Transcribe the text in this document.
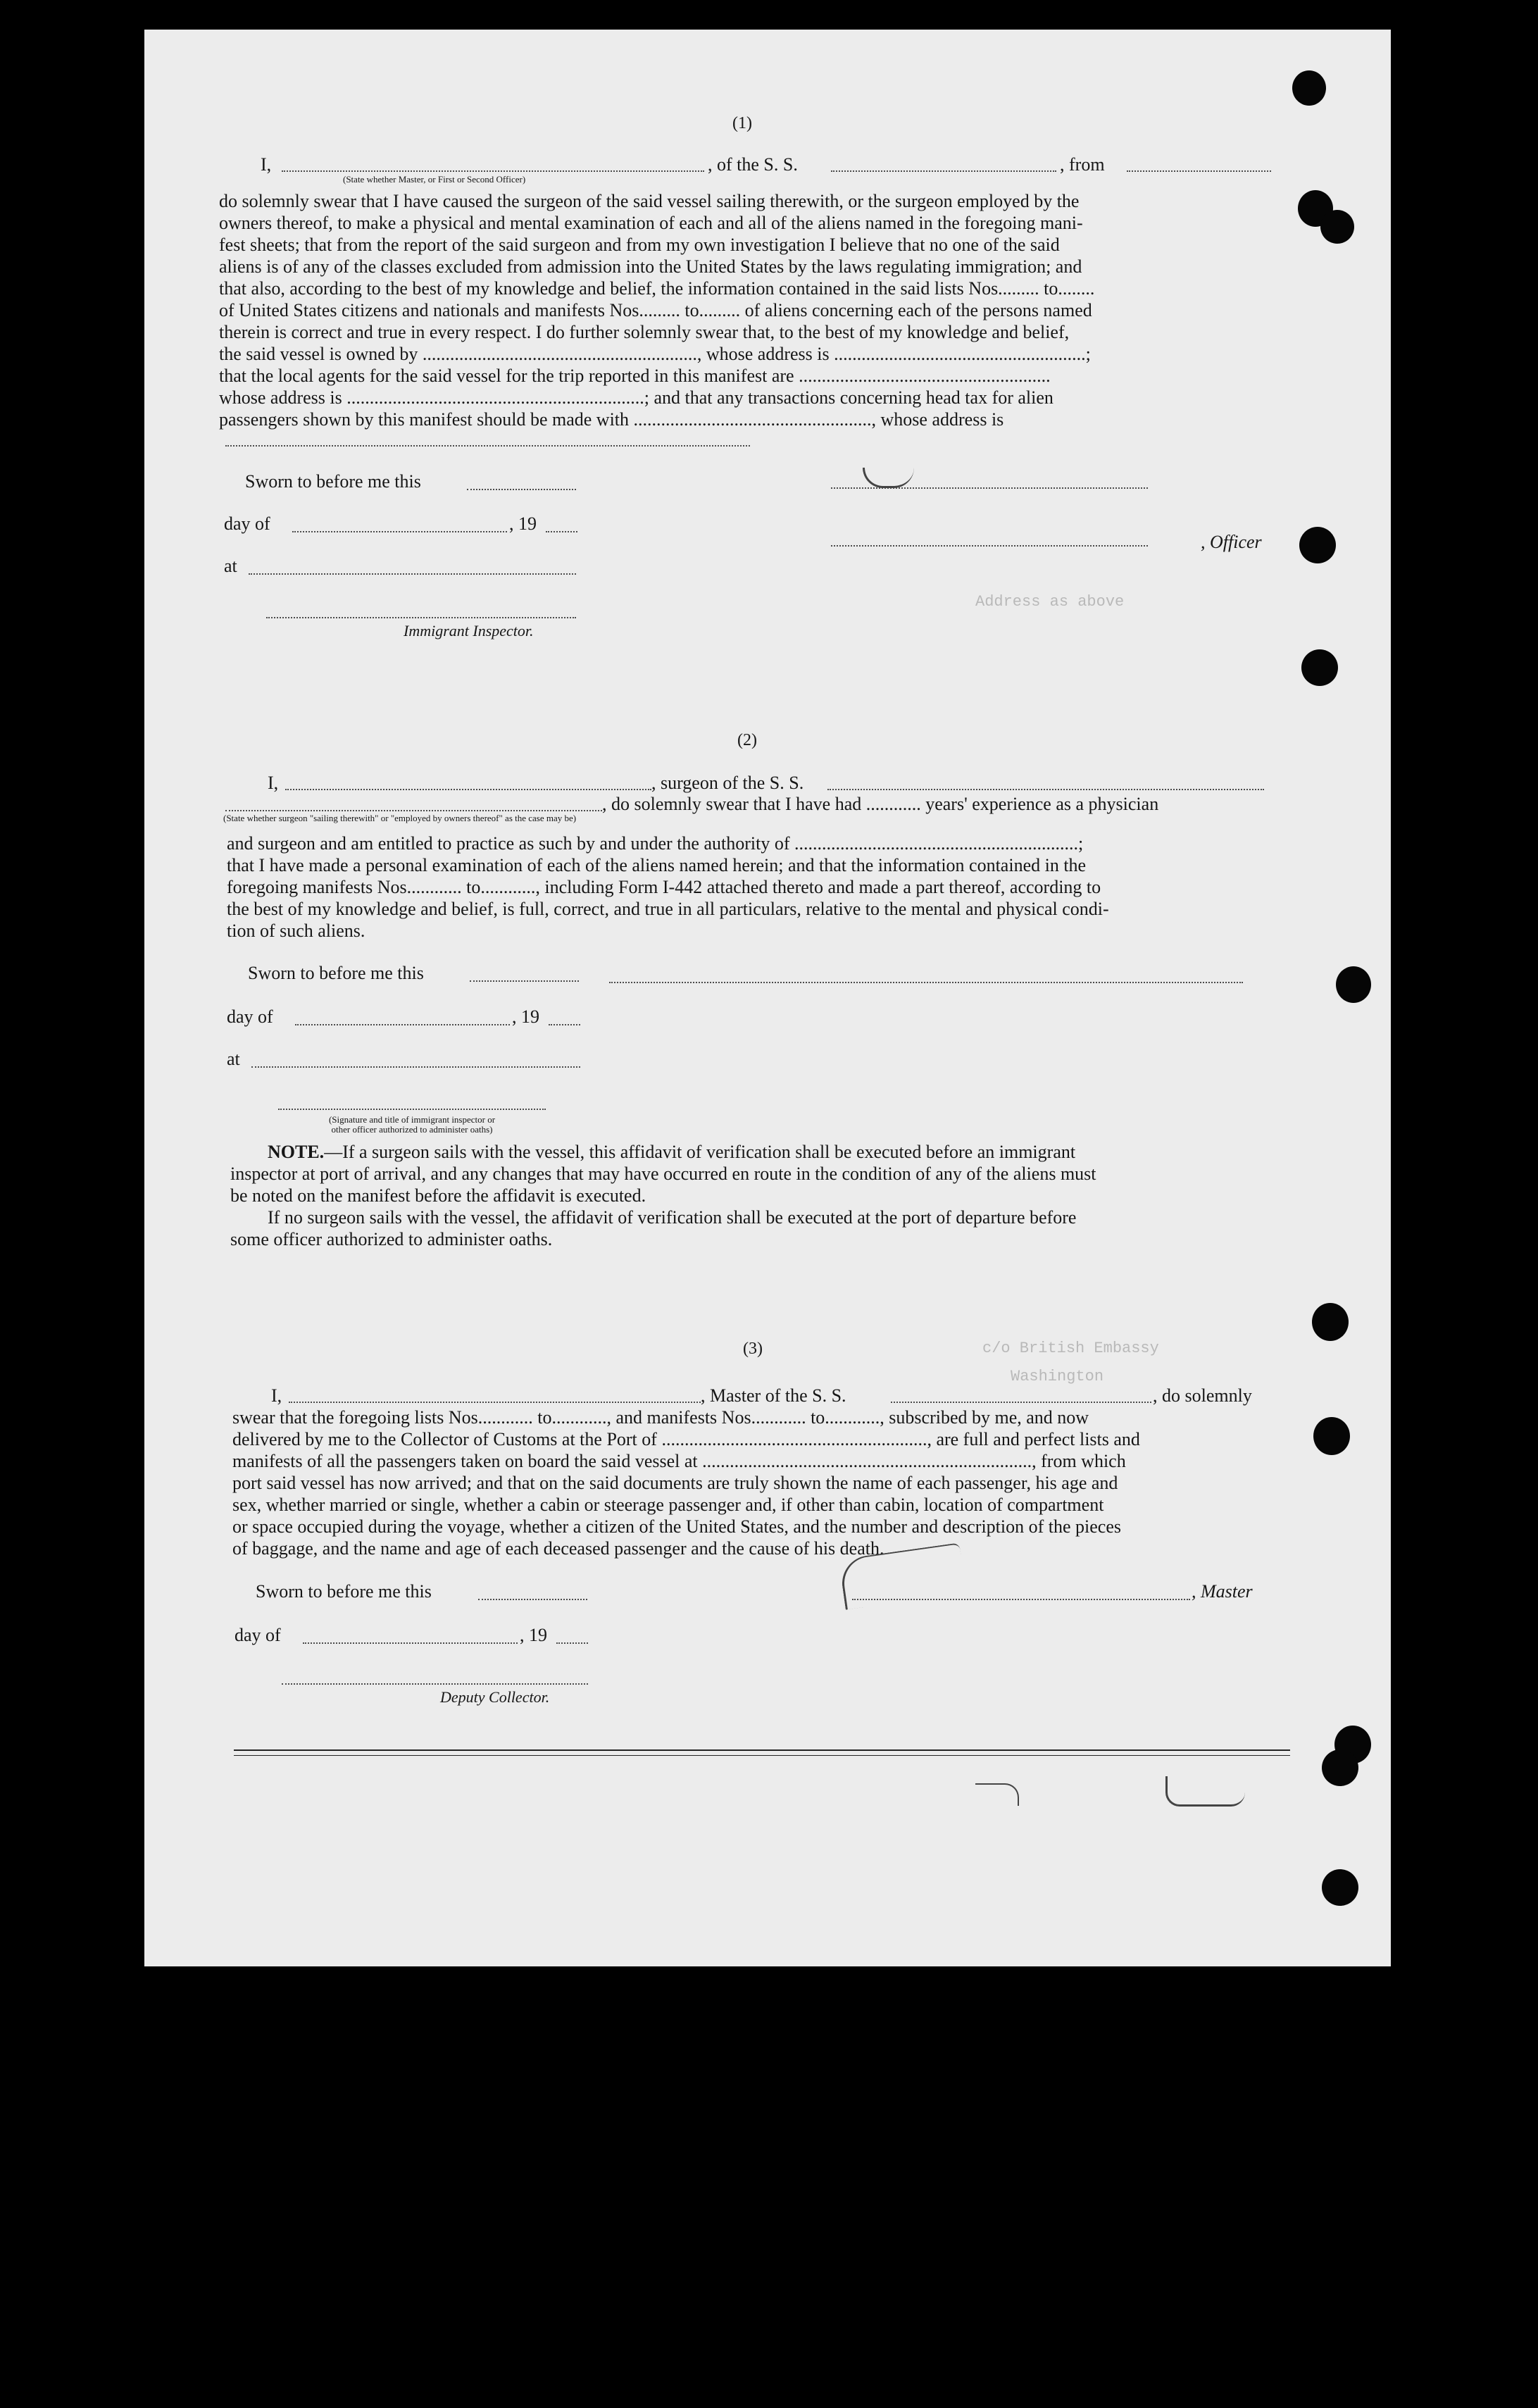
Address as above
c/o British Embassy
Washington
(1)
I,	, of the S. S.	, from
(State whether Master, or First or Second Officer)
do solemnly swear that I have caused the surgeon of the said vessel sailing therewith, or the surgeon employed by the
owners thereof, to make a physical and mental examination of each and all of the aliens named in the foregoing mani-
fest sheets; that from the report of the said surgeon and from my own investigation I believe that no one of the said
aliens is of any of the classes excluded from admission into the United States by the laws regulating immigration; and
that also, according to the best of my knowledge and belief, the information contained in the said lists Nos......... to........
of United States citizens and nationals and manifests Nos......... to......... of aliens concerning each of the persons named
therein is correct and true in every respect. I do further solemnly swear that, to the best of my knowledge and belief,
the said vessel is owned by ............................................................, whose address is .......................................................;
that the local agents for the said vessel for the trip reported in this manifest are .......................................................
whose address is .................................................................; and that any transactions concerning head tax for alien
passengers shown by this manifest should be made with ...................................................., whose address is
Sworn to before me this
day of	, 19
at
Immigrant Inspector.
, Officer
(2)
I,	, surgeon of the S. S.
, do solemnly swear that I have had ............ years' experience as a physician
(State whether surgeon "sailing therewith" or "employed by owners thereof" as the case may be)
and surgeon and am entitled to practice as such by and under the authority of ..............................................................;
that I have made a personal examination of each of the aliens named herein; and that the information contained in the
foregoing manifests Nos............ to............, including Form I-442 attached thereto and made a part thereof, according to
the best of my knowledge and belief, is full, correct, and true in all particulars, relative to the mental and physical condi-
tion of such aliens.
Sworn to before me this
day of	, 19
at
(Signature and title of immigrant inspector or
other officer authorized to administer oaths)
NOTE.—If a surgeon sails with the vessel, this affidavit of verification shall be executed before an immigrant
inspector at port of arrival, and any changes that may have occurred en route in the condition of any of the aliens must
be noted on the manifest before the affidavit is executed.
If no surgeon sails with the vessel, the affidavit of verification shall be executed at the port of departure before
some officer authorized to administer oaths.
(3)
I,	, Master of the S. S.	, do solemnly
swear that the foregoing lists Nos............ to............, and manifests Nos............ to............, subscribed by me, and now
delivered by me to the Collector of Customs at the Port of .........................................................., are full and perfect lists and
manifests of all the passengers taken on board the said vessel at ........................................................................, from which
port said vessel has now arrived; and that on the said documents are truly shown the name of each passenger, his age and
sex, whether married or single, whether a cabin or steerage passenger and, if other than cabin, location of compartment
or space occupied during the voyage, whether a citizen of the United States, and the number and description of the pieces
of baggage, and the name and age of each deceased passenger and the cause of his death.
Sworn to before me this
day of	, 19
Deputy Collector.
, Master
